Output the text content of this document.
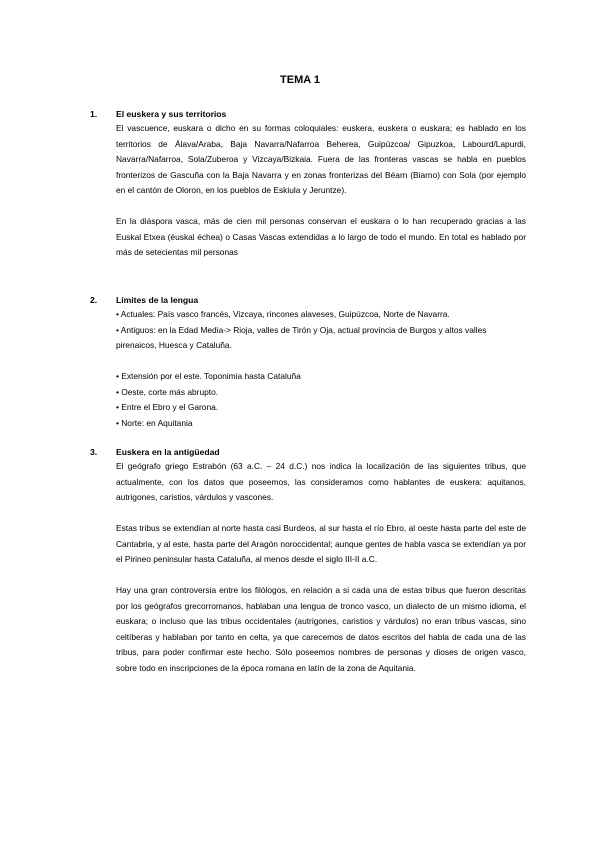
TEMA 1
1. El euskera y sus territorios

El vascuence, euskara o dicho en su formas coloquiales: euskera, euskera o euskara; es hablado en los territorios de Álava/Araba, Baja Navarra/Nafarroa Beherea, Guipúzcoa/ Gipuzkoa, Labourd/Lapurdi, Navarra/Nafarroa, Sola/Zuberoa y Vizcaya/Bizkaia. Fuera de las fronteras vascas se habla en pueblos fronterizos de Gascuña con la Baja Navarra y en zonas fronterizas del Béarn (Biarno) con Sola (por ejemplo en el cantón de Oloron, en los pueblos de Eskiula y Jeruntze).

En la diáspora vasca, más de cien mil personas conservan el euskara o lo han recuperado gracias a las Euskal Etxea (éuskal échea) o Casas Vascas extendidas a lo largo de todo el mundo. En total es hablado por más de setecientas mil personas

2. Límites de la lengua
• Actuales: País vasco francés, Vizcaya, rincones alaveses, Guipúzcoa, Norte de Navarra.

• Antiguos: en la Edad Media-> Rioja, valles de Tirón y Oja, actual provincia de Burgos y altos valles pirenaicos, Huesca y Cataluña.

• Extensión por el este. Toponimia hasta Cataluña
• Oeste, corte más abrupto.
• Entre el Ebro y el Garona.
• Norte: en Aquitania
3. Euskera en la antigüedad

El geógrafo griego Estrabón (63 a.C. – 24 d.C.) nos indica la localización de las siguientes tribus, que actualmente, con los datos que poseemos, las consideramos como hablantes de euskera: aquitanos, autrigones, caristios, várdulos y vascones.

Estas tribus se extendían al norte hasta casi Burdeos, al sur hasta el río Ebro, al oeste hasta parte del este de Cantabria, y al este, hasta parte del Aragón noroccidental; aunque gentes de habla vasca se extendían ya por el Pirineo peninsular hasta Cataluña, al menos desde el siglo III-II a.C.

Hay una gran controversia entre los filólogos, en relación a si cada una de estas tribus que fueron descritas por los geógrafos grecorromanos, hablaban una lengua de tronco vasco, un dialecto de un mismo idioma, el euskara; o incluso que las tribus occidentales (autrigones, caristios y várdulos) no eran tribus vascas, sino celtíberas y hablaban por tanto en celta, ya que carecemos de datos escritos del habla de cada una de las tribus, para poder confirmar este hecho. Sólo poseemos nombres de personas y dioses de origen vasco, sobre todo en inscripciones de la época romana en latín de la zona de Aquitania.
